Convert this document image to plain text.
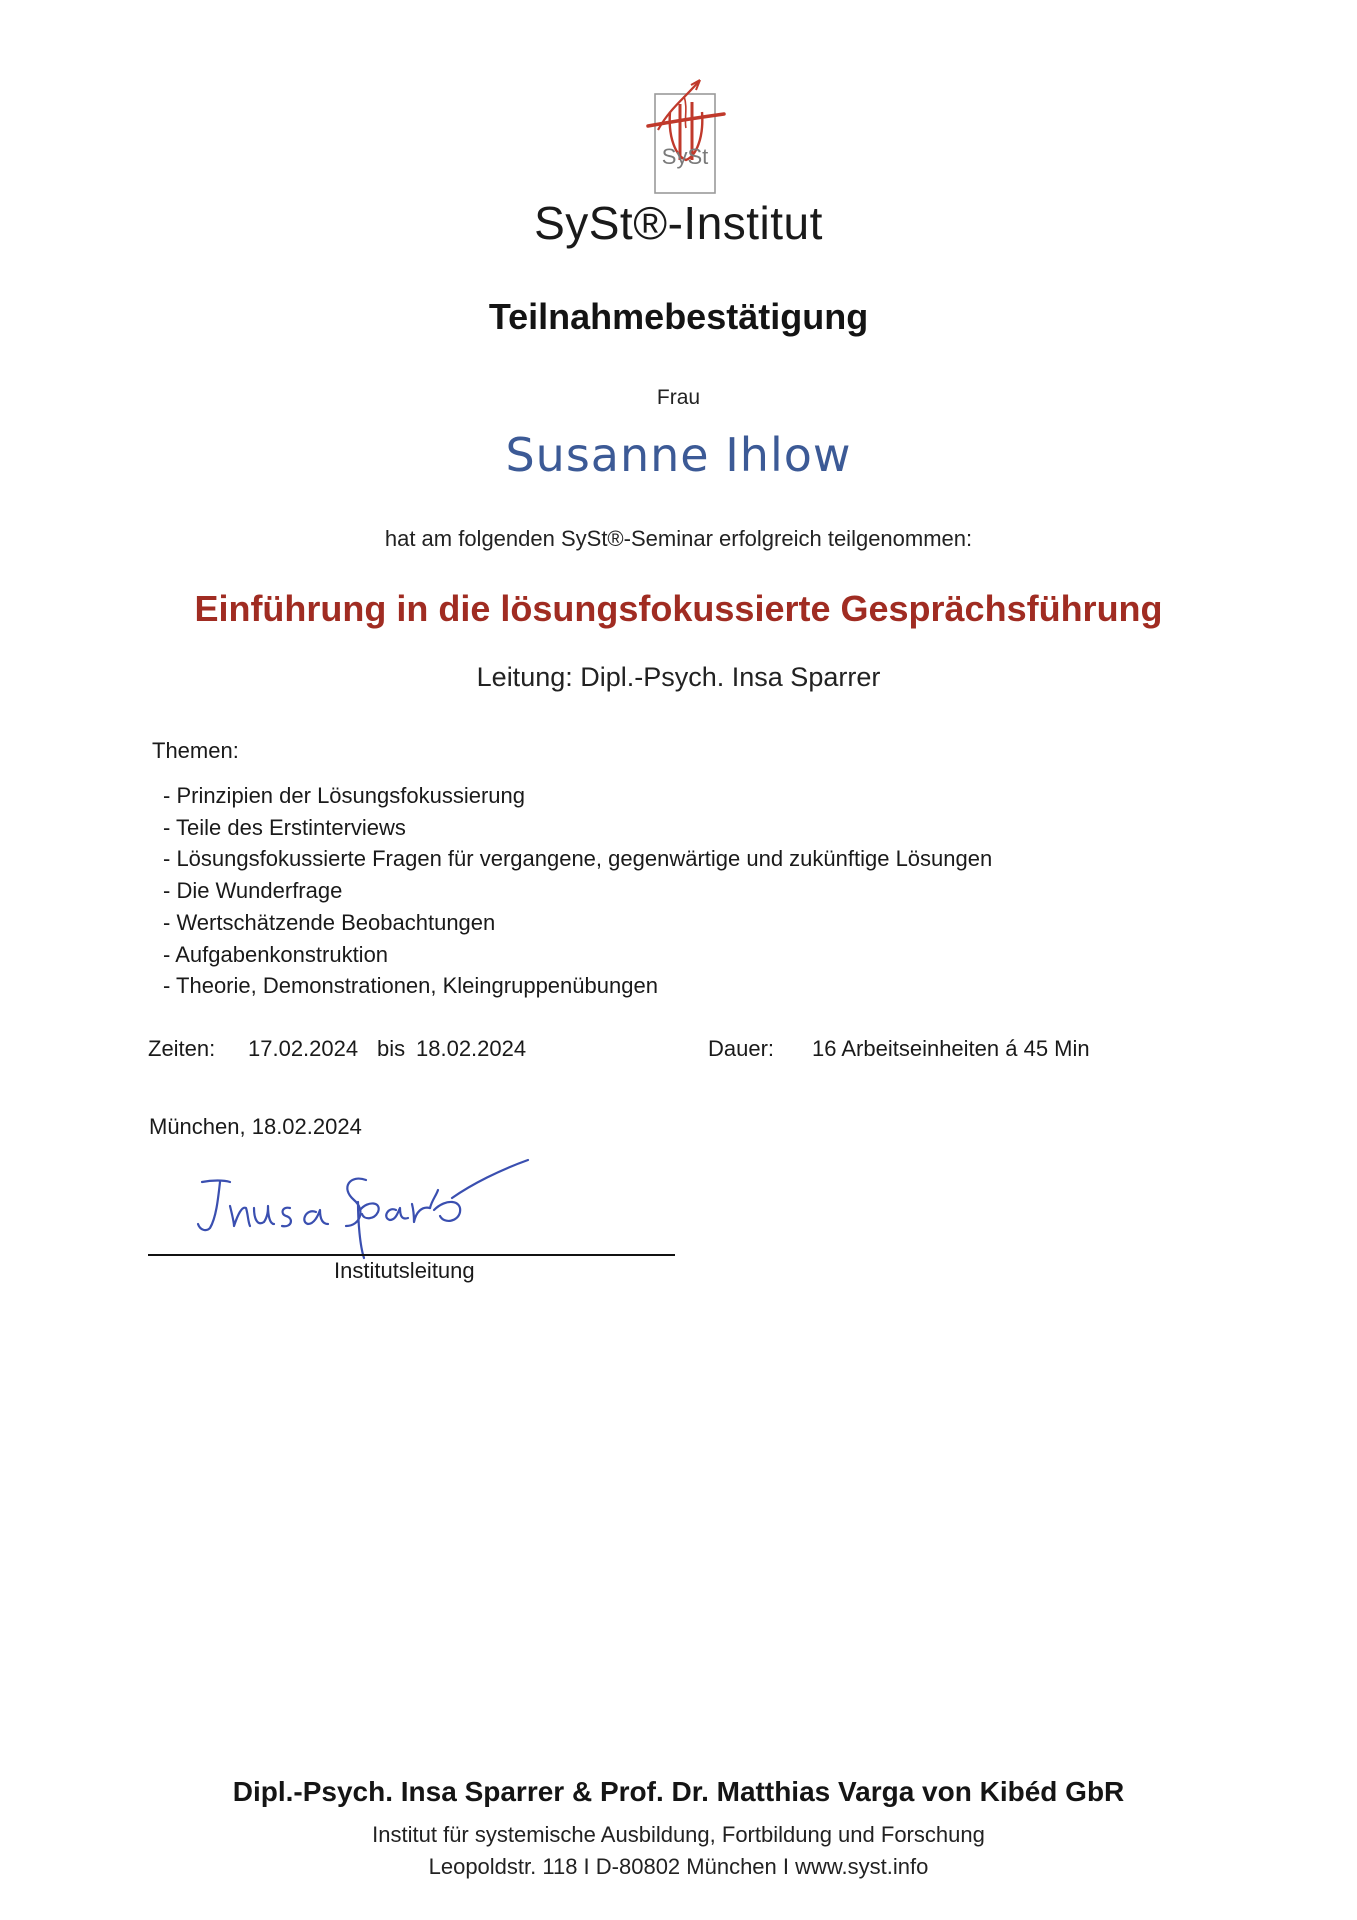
SySt
SySt®-Institut
Teilnahmebestätigung
Frau
Susanne Ihlow
hat am folgenden SySt®-Seminar erfolgreich teilgenommen:
Einführung in die lösungsfokussierte Gesprächsführung
Leitung: Dipl.-Psych. Insa Sparrer
Themen:
- Prinzipien der Lösungsfokussierung
- Teile des Erstinterviews
- Lösungsfokussierte Fragen für vergangene, gegenwärtige und zukünftige Lösungen
- Die Wunderfrage
- Wertschätzende Beobachtungen
- Aufgabenkonstruktion
- Theorie, Demonstrationen, Kleingruppenübungen
Zeiten: 17.02.2024 bis 18.02.2024	Dauer: 16 Arbeitseinheiten á 45 Min
München, 18.02.2024
Institutsleitung
Dipl.-Psych. Insa Sparrer & Prof. Dr. Matthias Varga von Kibéd GbR
Institut für systemische Ausbildung, Fortbildung und Forschung
Leopoldstr. 118 I D-80802 München I www.syst.info
